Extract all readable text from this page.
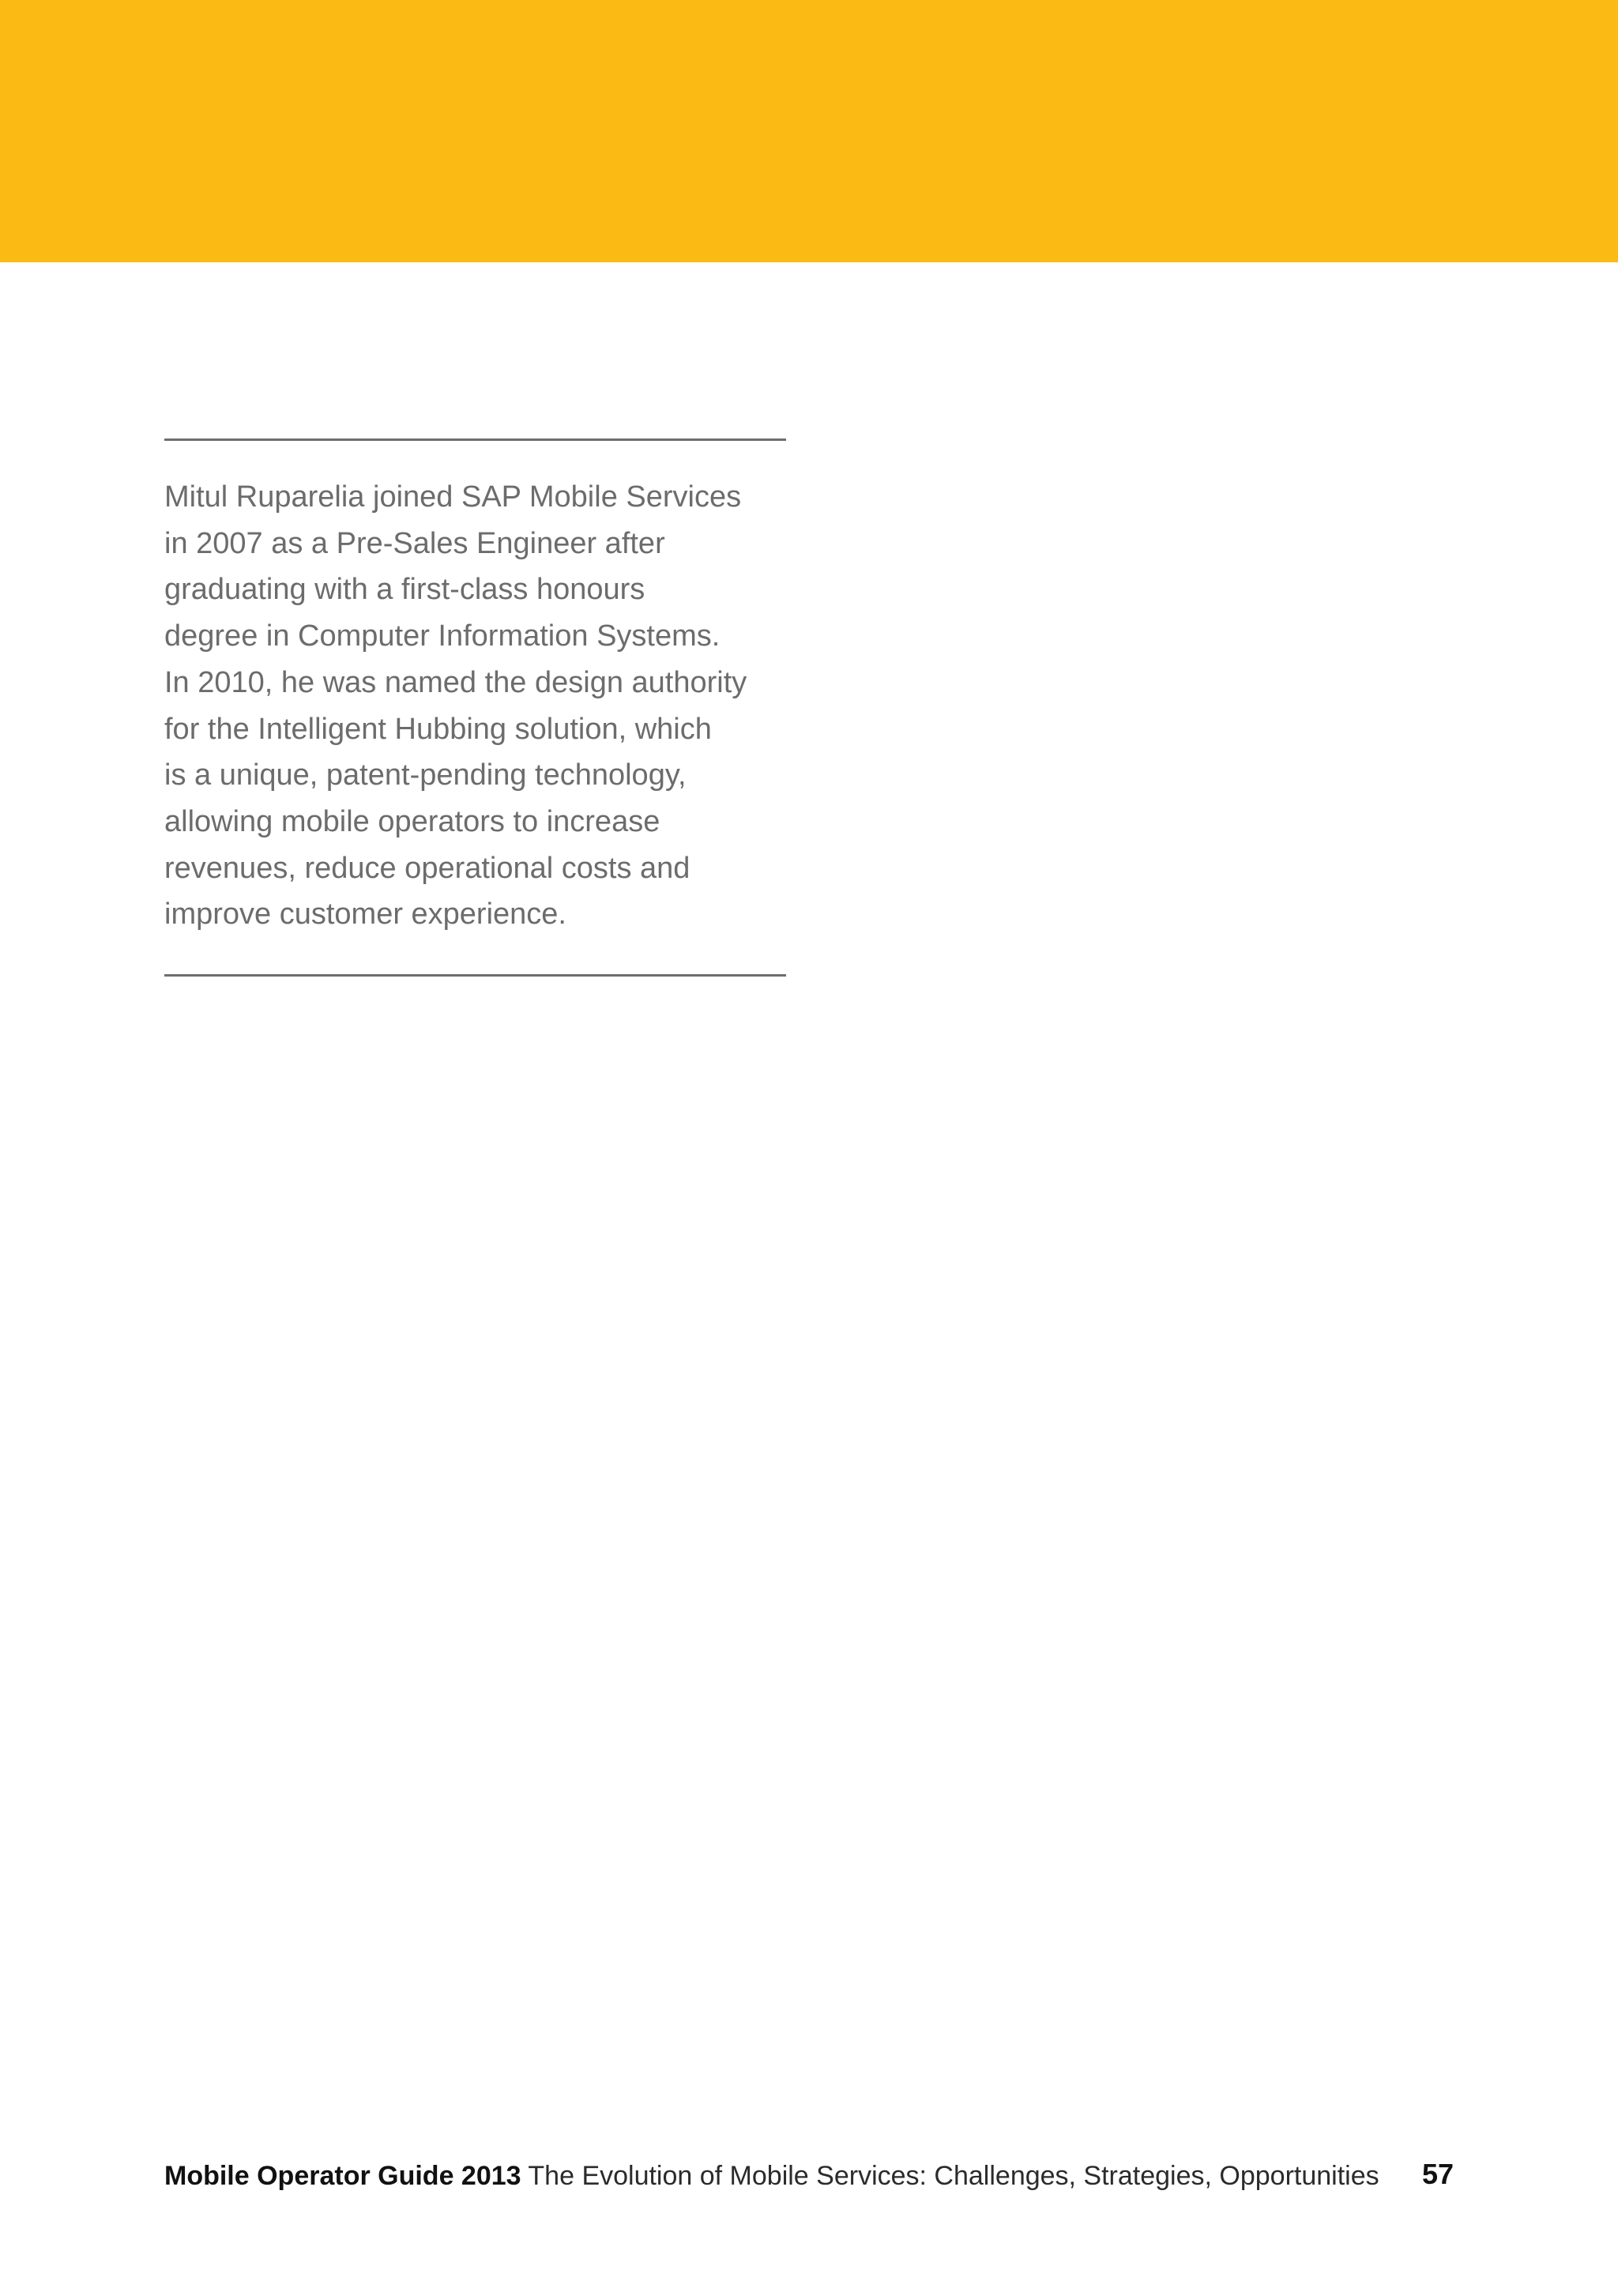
Mitul Ruparelia joined SAP Mobile Services
in 2007 as a Pre-Sales Engineer after
graduating with a first-class honours
degree in Computer Information Systems.
In 2010, he was named the design authority
for the Intelligent Hubbing solution, which
is a unique, patent-pending technology,
allowing mobile operators to increase
revenues, reduce operational costs and
improve customer experience.

Mobile Operator Guide 2013 The Evolution of Mobile Services: Challenges, Strategies, Opportunities	57
